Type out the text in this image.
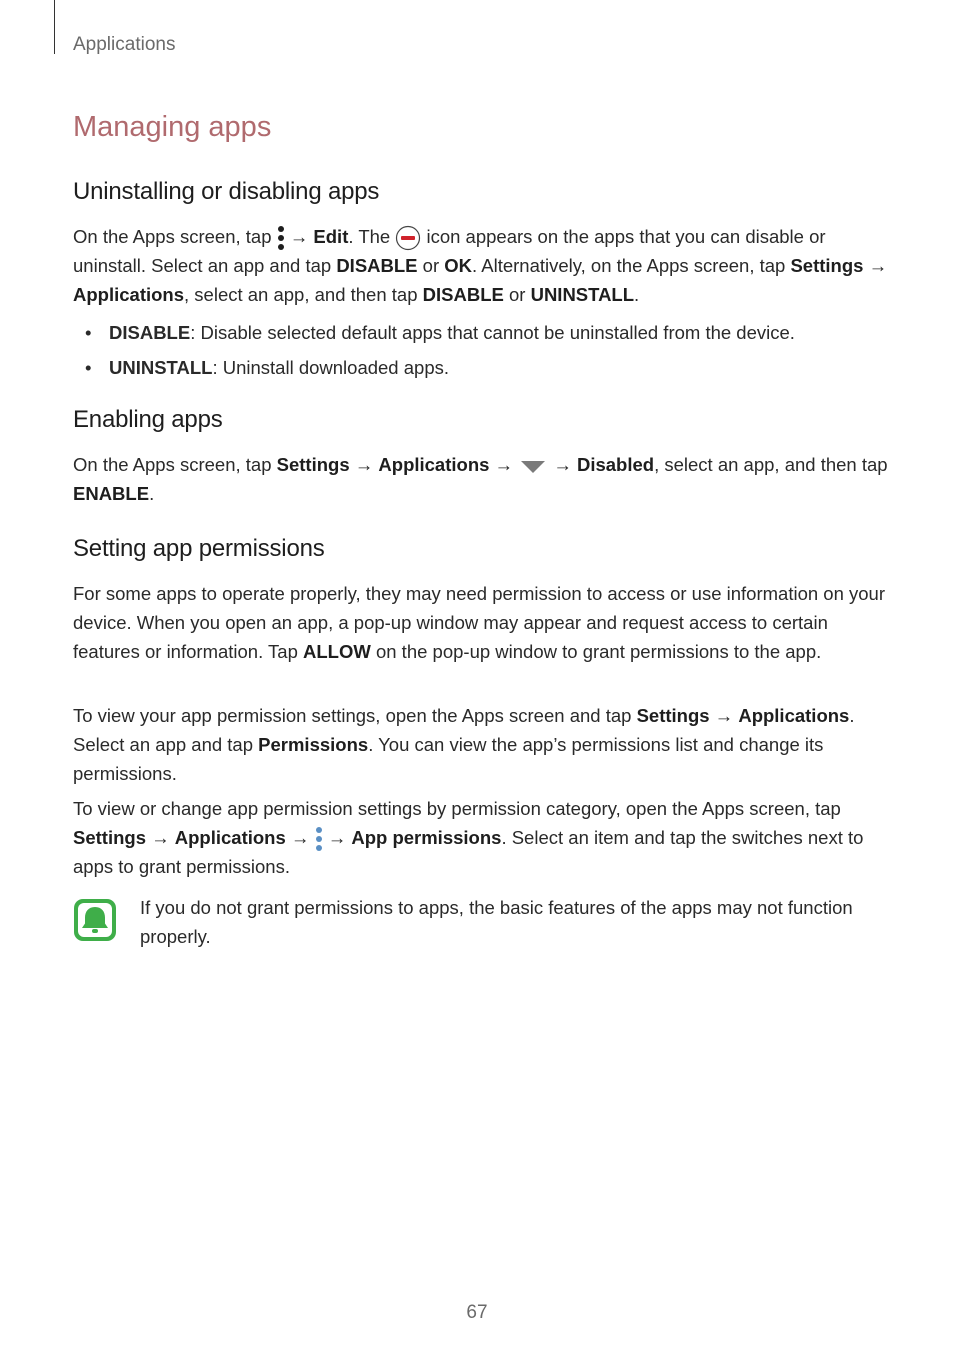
Applications
Managing apps
Uninstalling or disabling apps
On the Apps screen, tap  → Edit. The  icon appears on the apps that you can disable or uninstall. Select an app and tap DISABLE or OK. Alternatively, on the Apps screen, tap Settings → Applications, select an app, and then tap DISABLE or UNINSTALL.
• DISABLE: Disable selected default apps that cannot be uninstalled from the device.
• UNINSTALL: Uninstall downloaded apps.
Enabling apps
On the Apps screen, tap Settings → Applications →  → Disabled, select an app, and then tap ENABLE.
Setting app permissions
For some apps to operate properly, they may need permission to access or use information on your device. When you open an app, a pop-up window may appear and request access to certain features or information. Tap ALLOW on the pop-up window to grant permissions to the app.
To view your app permission settings, open the Apps screen and tap Settings → Applications. Select an app and tap Permissions. You can view the app’s permissions list and change its permissions.
To view or change app permission settings by permission category, open the Apps screen, tap Settings → Applications →  → App permissions. Select an item and tap the switches next to apps to grant permissions.
If you do not grant permissions to apps, the basic features of the apps may not function properly.
67
